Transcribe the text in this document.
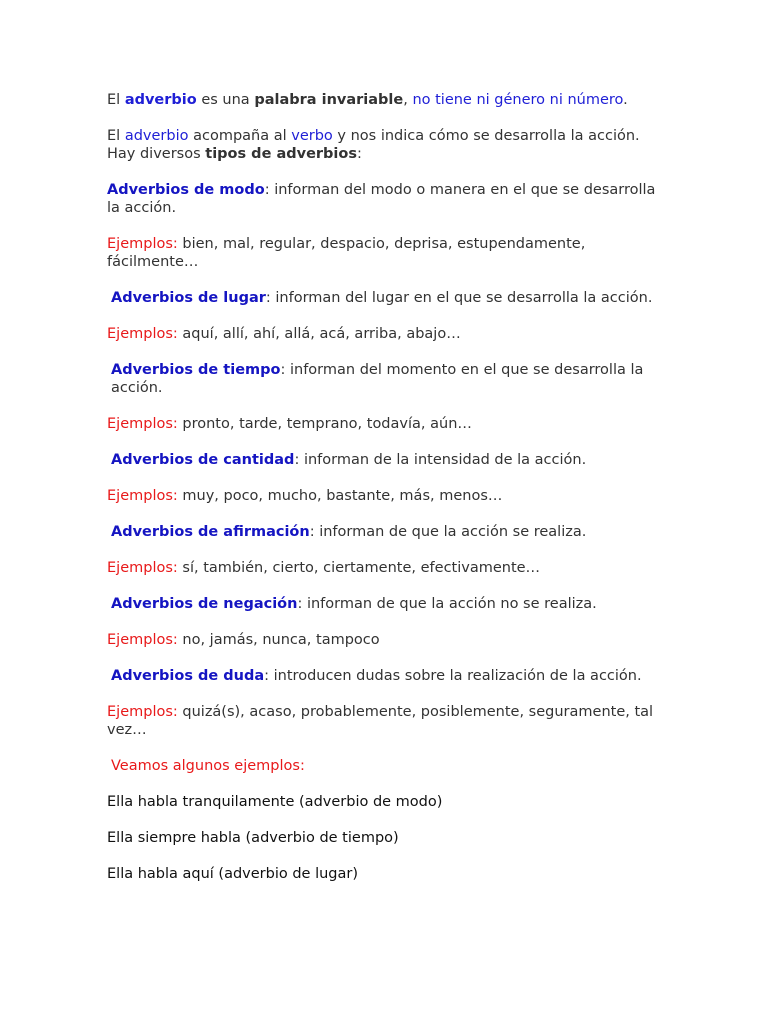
El adverbio es una palabra invariable, no tiene ni género ni número.

El adverbio acompaña al verbo y nos indica cómo se desarrolla la acción. Hay diversos tipos de adverbios:

Adverbios de modo: informan del modo o manera en el que se desarrolla la acción.

Ejemplos: bien, mal, regular, despacio, deprisa, estupendamente, fácilmente…

Adverbios de lugar: informan del lugar en el que se desarrolla la acción.

Ejemplos: aquí, allí, ahí, allá, acá, arriba, abajo…

Adverbios de tiempo: informan del momento en el que se desarrolla la acción.

Ejemplos: pronto, tarde, temprano, todavía, aún…

Adverbios de cantidad: informan de la intensidad de la acción.

Ejemplos: muy, poco, mucho, bastante, más, menos…

Adverbios de afirmación: informan de que la acción se realiza.

Ejemplos: sí, también, cierto, ciertamente, efectivamente…

Adverbios de negación: informan de que la acción no se realiza.

Ejemplos: no, jamás, nunca, tampoco

Adverbios de duda: introducen dudas sobre la realización de la acción.

Ejemplos: quizá(s), acaso, probablemente, posiblemente, seguramente, tal vez…

Veamos algunos ejemplos:

Ella habla tranquilamente (adverbio de modo)

Ella siempre habla (adverbio de tiempo)

Ella habla aquí (adverbio de lugar)
